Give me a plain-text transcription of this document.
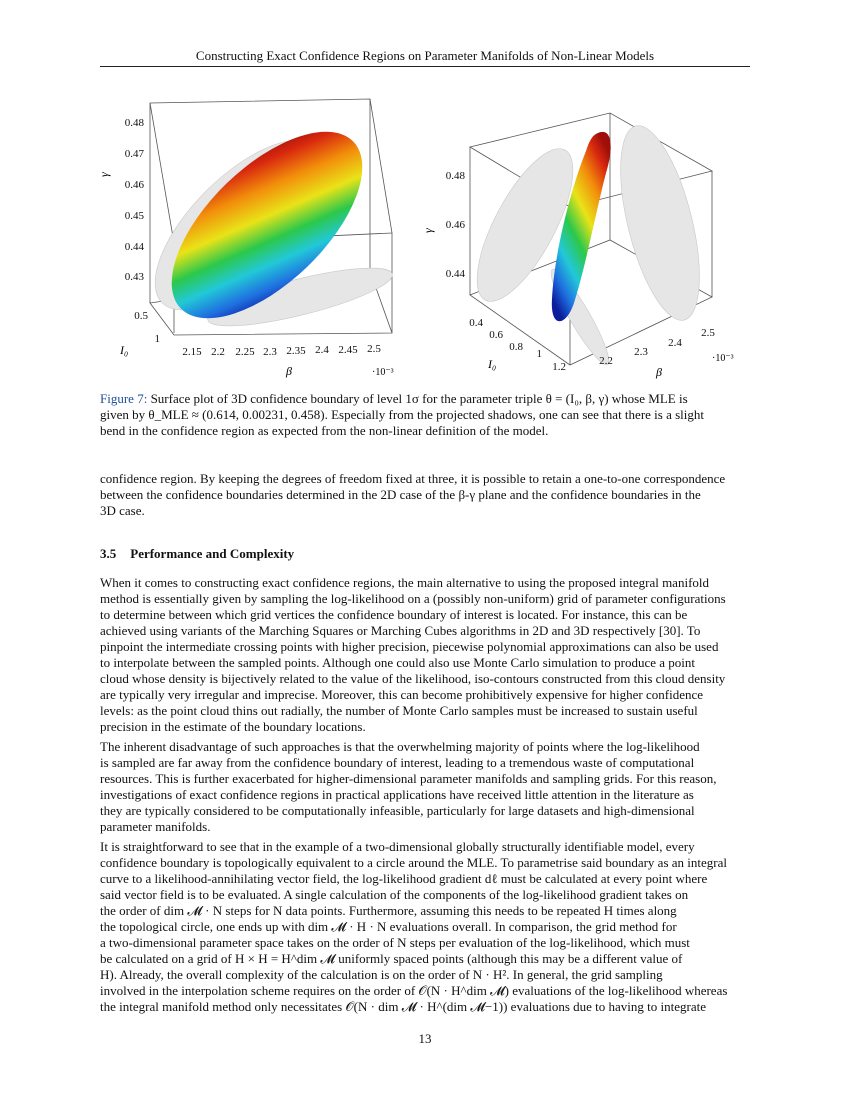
Constructing Exact Confidence Regions on Parameter Manifolds of Non-Linear Models
0.48
0.47
0.46
0.45
0.44
0.43
0.5
1
2.15 2.2 2.25 2.3 2.35 2.4 2.45 2.5
γ
I₀
β	·10⁻³
0.48
0.46
0.44
0.4
0.6
0.8
1
1.2	2.2
2.3
2.4
2.5
γ
I₀
β
·10⁻³
Figure 7: Surface plot of 3D confidence boundary of level 1σ for the parameter triple θ = (I₀, β, γ) whose MLE is
given by θ_MLE ≈ (0.614, 0.00231, 0.458). Especially from the projected shadows, one can see that there is a slight
bend in the confidence region as expected from the non-linear definition of the model.

confidence region. By keeping the degrees of freedom fixed at three, it is possible to retain a one-to-one correspondence

between the confidence boundaries determined in the 2D case of the β-γ plane and the confidence boundaries in the

3D case.

3.5 Performance and Complexity

When it comes to constructing exact confidence regions, the main alternative to using the proposed integral manifold

method is essentially given by sampling the log-likelihood on a (possibly non-uniform) grid of parameter configurations

to determine between which grid vertices the confidence boundary of interest is located. For instance, this can be

achieved using variants of the Marching Squares or Marching Cubes algorithms in 2D and 3D respectively [30]. To

pinpoint the intermediate crossing points with higher precision, piecewise polynomial approximations can also be used

to interpolate between the sampled points. Although one could also use Monte Carlo simulation to produce a point

cloud whose density is bijectively related to the value of the likelihood, iso-contours constructed from this cloud density

are typically very irregular and imprecise. Moreover, this can become prohibitively expensive for higher confidence

levels: as the point cloud thins out radially, the number of Monte Carlo samples must be increased to sustain useful

precision in the estimate of the boundary locations.

The inherent disadvantage of such approaches is that the overwhelming majority of points where the log-likelihood

is sampled are far away from the confidence boundary of interest, leading to a tremendous waste of computational

resources. This is further exacerbated for higher-dimensional parameter manifolds and sampling grids. For this reason,

investigations of exact confidence regions in practical applications have received little attention in the literature as

they are typically considered to be computationally infeasible, particularly for large datasets and high-dimensional

parameter manifolds.

It is straightforward to see that in the example of a two-dimensional globally structurally identifiable model, every

confidence boundary is topologically equivalent to a circle around the MLE. To parametrise said boundary as an integral

curve to a likelihood-annihilating vector field, the log-likelihood gradient dℓ must be calculated at every point where

said vector field is to be evaluated. A single calculation of the components of the log-likelihood gradient takes on

the order of dim 𝓜 · N steps for N data points. Furthermore, assuming this needs to be repeated H times along

the topological circle, one ends up with dim 𝓜 · H · N evaluations overall. In comparison, the grid method for

a two-dimensional parameter space takes on the order of N steps per evaluation of the log-likelihood, which must

be calculated on a grid of H × H = H^dim 𝓜 uniformly spaced points (although this may be a different value of

H). Already, the overall complexity of the calculation is on the order of N · H². In general, the grid sampling

involved in the interpolation scheme requires on the order of 𝒪(N · H^dim 𝓜) evaluations of the log-likelihood whereas

the integral manifold method only necessitates 𝒪(N · dim 𝓜 · H^(dim 𝓜−1)) evaluations due to having to integrate

13
